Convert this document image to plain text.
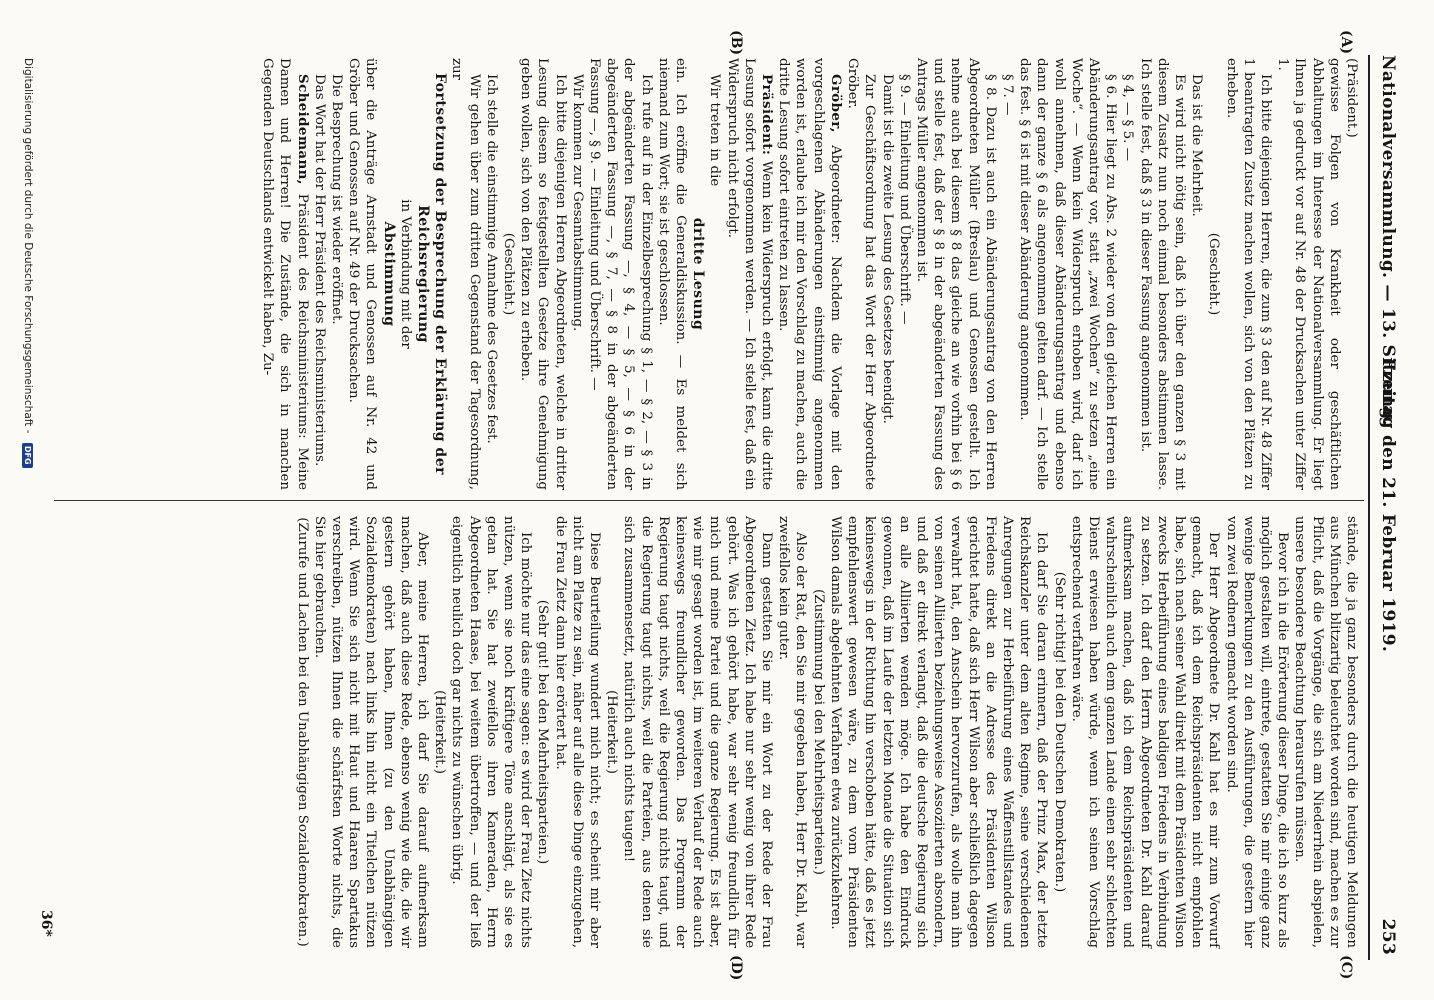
Nationalversammlung. — 13. Sitzung.
Freitag den 21. Februar 1919.
253
(A)
(B)
(C)
(D)

(Präsident.)

gewisse Folgen von Krankheit oder geschäftlichen Abhaltungen im Interesse der Nationalversammlung. Er liegt Ihnen ja gedruckt vor auf Nr. 48 der Drucksachen unter Ziffer 1.

Ich bitte diejenigen Herren, die zum § 3 den auf Nr. 48 Ziffer 1 beantragten Zusatz machen wollen, sich von den Plätzen zu erheben.

(Geschieht.)

Das ist die Mehrheit.

Es wird nicht nötig sein, daß ich über den ganzen § 3 mit diesem Zusatz nun noch einmal besonders abstimmen lasse. Ich stelle fest, daß § 3 in dieser Fassung angenommen ist.

§ 4, — § 5. —

§ 6. Hier liegt zu Abs. 2 wieder von den gleichen Herren ein Abänderungsantrag vor, statt „zwei Wochen“ zu setzen „eine Woche“. — Wenn kein Widerspruch erhoben wird, darf ich wohl annehmen, daß dieser Abänderungsantrag und ebenso dann der ganze § 6 als angenommen gelten darf. — Ich stelle das fest. § 6 ist mit dieser Abänderung angenommen.

§ 7. —

§ 8. Dazu ist auch ein Abänderungsantrag von den Herren Abgeordneten Müller (Breslau) und Genossen gestellt. Ich nehme auch bei diesem § 8 das gleiche an wie vorhin bei § 6 und stelle fest, daß der § 8 in der abgeänderten Fassung des Antrags Müller angenommen ist.

§ 9. — Einleitung und Überschrift. —

Damit ist die zweite Lesung des Gesetzes beendigt.

Zur Geschäftsordnung hat das Wort der Herr Abgeordnete Gröber.

Gröber, Abgeordneter: Nachdem die Vorlage mit den vorgeschlagenen Abänderungen einstimmig angenommen worden ist, erlaube ich mir den Vorschlag zu machen, auch die dritte Lesung sofort eintreten zu lassen.

Präsident: Wenn kein Widerspruch erfolgt, kann die dritte Lesung sofort vorgenommen werden. — Ich stelle fest, daß ein Widerspruch nicht erfolgt.

Wir treten in die

dritte Lesung

ein. Ich eröffne die Generaldiskussion. — Es meldet sich niemand zum Wort; sie ist geschlossen.

Ich rufe auf in der Einzelbesprechung § 1, — § 2, — § 3 in der abgeänderten Fassung —, § 4, — § 5, — § 6 in der abgeänderten Fassung —, § 7, — § 8 in der abgeänderten Fassung —, § 9. — Einleitung und Überschrift. —

Wir kommen zur Gesamtabstimmung.

Ich bitte diejenigen Herren Abgeordneten, welche in dritter Lesung diesem so festgestellten Gesetze ihre Genehmigung geben wollen, sich von den Plätzen zu erheben.

(Geschieht.)

Ich stelle die einstimmige Annahme des Gesetzes fest.

Wir gehen über zum dritten Gegenstand der Tagesordnung, zur

Fortsetzung der Besprechung der Erklärung der Reichsregierung

in Verbindung mit der

Abstimmung

über die Anträge Arnstadt und Genossen auf Nr. 42 und Gröber und Genossen auf Nr. 49 der Drucksachen.

Die Besprechung ist wieder eröffnet.

Das Wort hat der Herr Präsident des Reichsministeriums.

Scheidemann, Präsident des Reichsministeriums: Meine Damen und Herren! Die Zustände, die sich in manchen Gegenden Deutschlands entwickelt haben, Zu-

stände, die ja ganz besonders durch die heutigen Meldungen aus München blitzartig beleuchtet worden sind, machen es zur Pflicht, daß die Vorgänge, die sich am Niederrhein abspielen, unsere besondere Beachtung herausrufen müssen.

Bevor ich in die Erörterung dieser Dinge, die ich so kurz als möglich gestalten will, eintrete, gestatten Sie mir einige ganz wenige Bemerkungen zu den Ausführungen, die gestern hier von zwei Rednern gemacht worden sind.

Der Herr Abgeordnete Dr. Kahl hat es mir zum Vorwurf gemacht, daß ich dem Reichspräsidenten nicht empfohlen habe, sich nach seiner Wahl direkt mit dem Präsidenten Wilson zwecks Herbeiführung eines baldigen Friedens in Verbindung zu setzen. Ich darf den Herrn Abgeordneten Dr. Kahl darauf aufmerksam machen, daß ich dem Reichspräsidenten und wahrscheinlich auch dem ganzen Lande einen sehr schlechten Dienst erwiesen haben würde, wenn ich seinen Vorschlag entsprechend verfahren wäre.

(Sehr richtig! bei den Deutschen Demokraten.)

Ich darf Sie daran erinnern, daß der Prinz Max, der letzte Reichskanzler unter dem alten Regime, seine verschiedenen Anregungen zur Herbeiführung eines Waffenstillstandes und Friedens direkt an die Adresse des Präsidenten Wilson gerichtet hatte, daß sich Herr Wilson aber schließlich dagegen verwahrt hat, den Anschein hervorzurufen, als wolle man ihn von seinen Alliierten beziehungsweise Assoziierten absondern, und daß er direkt verlangt, daß die deutsche Regierung sich an alle Alliierten wenden möge. Ich habe den Eindruck gewonnen, daß im Laufe der letzten Monate die Situation sich keineswegs in der Richtung hin verschoben hätte, daß es jetzt empfehlenswert gewesen wäre, zu dem vom Präsidenten Wilson damals abgelehnten Verfahren etwa zurückzukehren.

(Zustimmung bei den Mehrheitsparteien.)

Also der Rat, den Sie mir gegeben haben, Herr Dr. Kahl, war zweifellos kein guter.

Dann gestatten Sie mir ein Wort zu der Rede der Frau Abgeordneten Zietz. Ich habe nur sehr wenig von ihrer Rede gehört. Was ich gehört habe, war sehr wenig freundlich für mich und meine Partei und die ganze Regierung. Es ist aber, wie mir gesagt worden ist, im weiteren Verlauf der Rede auch keineswegs freundlicher geworden. Das Programm der Regierung taugt nichts, weil die Regierung nichts taugt, und die Regierung taugt nichts, weil die Parteien, aus denen sie sich zusammensetzt, natürlich auch nichts taugen!

(Heiterkeit.)

Diese Beurteilung wundert mich nicht; es scheint mir aber nicht am Platze zu sein, näher auf alle diese Dinge einzugehen, die Frau Zietz dann hier erörtert hat.

(Sehr gut! bei den Mehrheitsparteien.)

Ich möchte nur das eine sagen: es wird der Frau Zietz nichts nützen, wenn sie noch kräftigere Töne anschlägt, als sie es getan hat. Sie hat zweifellos ihren Kameraden, Herrn Abgeordneten Haase, bei weitem übertroffen, — und der ließ eigentlich neulich doch gar nichts zu wünschen übrig.

(Heiterkeit.)

Aber, meine Herren, ich darf Sie darauf aufmerksam machen, daß auch diese Rede, ebenso wenig wie die, die wir gestern gehört haben, Ihnen (zu den Unabhängigen Sozialdemokraten) nach links hin nicht ein Titelchen nützen wird. Wenn Sie sich nicht mit Haut und Haaren Spartakus verschreiben, nützen Ihnen die schärfsten Worte nichts, die Sie hier gebrauchen.

(Zurufe und Lachen bei den Unabhängigen Sozialdemokraten.)

36*
Digitalisierung gefördert durch die Deutsche Forschungsgemeinschaft - DFG
